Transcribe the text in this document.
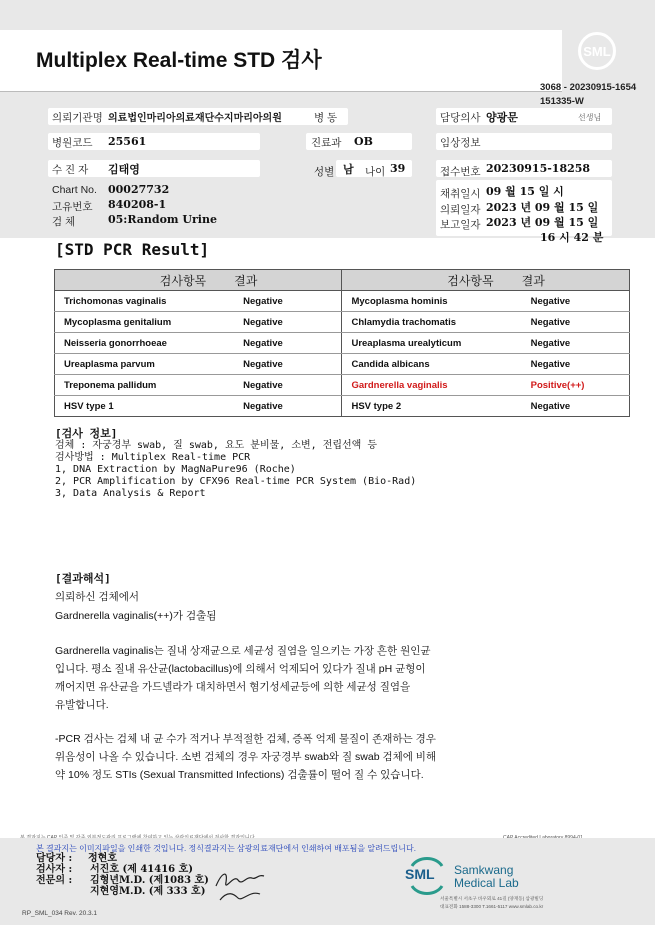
Multiplex Real-time STD 검사	SML
3068 - 20230915-1654
151335-W
의뢰기관명 의료법인마리아의료재단수지마리아의원	병 동	담당의사 양광문	선생님
병원코드 25561	진료과 OB	임상정보
수 진 자 김태영	성별 남 나이 39	접수번호 20230915-18258
Chart No. 00027732
고유번호 840208-1
검 체	05:Random Urine
채취일시 09 월 15 일 시
의뢰일자 2023 년 09 월 15 일
보고일자 2023 년 09 월 15 일
16 시 42 분
[STD PCR Result]
검사항목	결과	검사항목	결과
Trichomonas vaginalis	Negative	Mycoplasma hominis	Negative
Mycoplasma genitalium	Negative	Chlamydia trachomatis	Negative
Neisseria gonorrhoeae	Negative	Ureaplasma urealyticum	Negative
Ureaplasma parvum	Negative	Candida albicans	Negative
Treponema pallidum	Negative	Gardnerella vaginalis	Positive(++)
HSV type 1	Negative	HSV type 2	Negative
[검사 정보]
검체 : 자궁경부 swab, 질 swab, 요도 분비물, 소변, 전립선액 등
검사방법 : Multiplex Real-time PCR
1, DNA Extraction by MagNaPure96 (Roche)
2, PCR Amplification by CFX96 Real-time PCR System (Bio-Rad)
3, Data Analysis & Report
[결과해석]
의뢰하신 검체에서
Gardnerella vaginalis(++)가 검출됨
Gardnerella vaginalis는 질내 상재균으로 세균성 질염을 일으키는 가장 흔한 원인균
입니다. 평소 질내 유산균(lactobacillus)에 의해서 억제되어 있다가 질내 pH 균형이
깨어지면 유산균을 가드넬라가 대치하면서 혐기성세균등에 의한 세균성 질염을
유발합니다.
-PCR 검사는 검체 내 균 수가 적거나 부적절한 검체, 증폭 억제 물질이 존재하는 경우
위음성이 나올 수 있습니다. 소변 검체의 경우 자궁경부 swab와 질 swab 검체에 비해
약 10% 정도 STIs (Sexual Transmitted Infections) 검출률이 떨어 질 수 있습니다.
본 결과지는 이미지파일을 인쇄한 것입니다. 정식결과지는 삼광의료재단에서 인쇄하여 배포됨을 알려드립니다.
담당자 : 정현호
검사자 : 서진호 (제 41416 호)
전문의 : 김형년M.D. (제1083 호)
지현영M.D. (제 333 호)
SML Samkwang
Medical Lab
서울특별시 서초구 바우뫼로 41길 (양재동) 삼광빌딩
대표전화 1588-3300 T.1661-5117 www.smlab.co.kr
RP_SML_034 Rev. 20.3.1
